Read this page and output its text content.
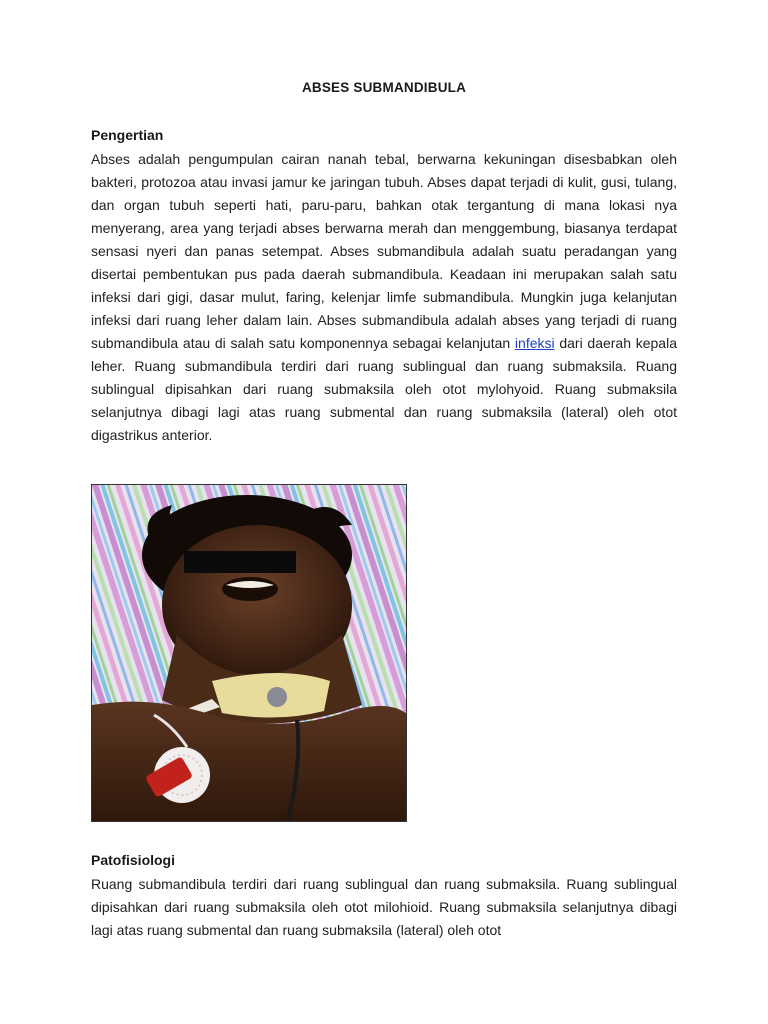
ABSES SUBMANDIBULA
Pengertian

Abses adalah pengumpulan cairan nanah tebal, berwarna kekuningan disesbabkan oleh bakteri, protozoa atau invasi jamur ke jaringan tubuh. Abses dapat terjadi di kulit, gusi, tulang, dan organ tubuh seperti hati, paru-paru, bahkan otak tergantung di mana lokasi nya menyerang, area yang terjadi abses berwarna merah dan menggembung, biasanya terdapat sensasi nyeri dan panas setempat. Abses submandibula adalah suatu peradangan yang disertai pembentukan pus pada daerah submandibula. Keadaan ini merupakan salah satu infeksi dari gigi, dasar mulut, faring, kelenjar limfe submandibula. Mungkin juga kelanjutan infeksi dari ruang leher dalam lain. Abses submandibula adalah abses yang terjadi di ruang submandibula atau di salah satu komponennya sebagai kelanjutan infeksi dari daerah kepala leher. Ruang submandibula terdiri dari ruang sublingual dan ruang submaksila. Ruang sublingual dipisahkan dari ruang submaksila oleh otot mylohyoid. Ruang submaksila selanjutnya dibagi lagi atas ruang submental dan ruang submaksila (lateral) oleh otot digastrikus anterior.

Patofisiologi

Ruang submandibula terdiri dari ruang sublingual dan ruang submaksila. Ruang sublingual dipisahkan dari ruang submaksila oleh otot milohioid. Ruang submaksila selanjutnya dibagi lagi atas ruang submental dan ruang submaksila (lateral) oleh otot
